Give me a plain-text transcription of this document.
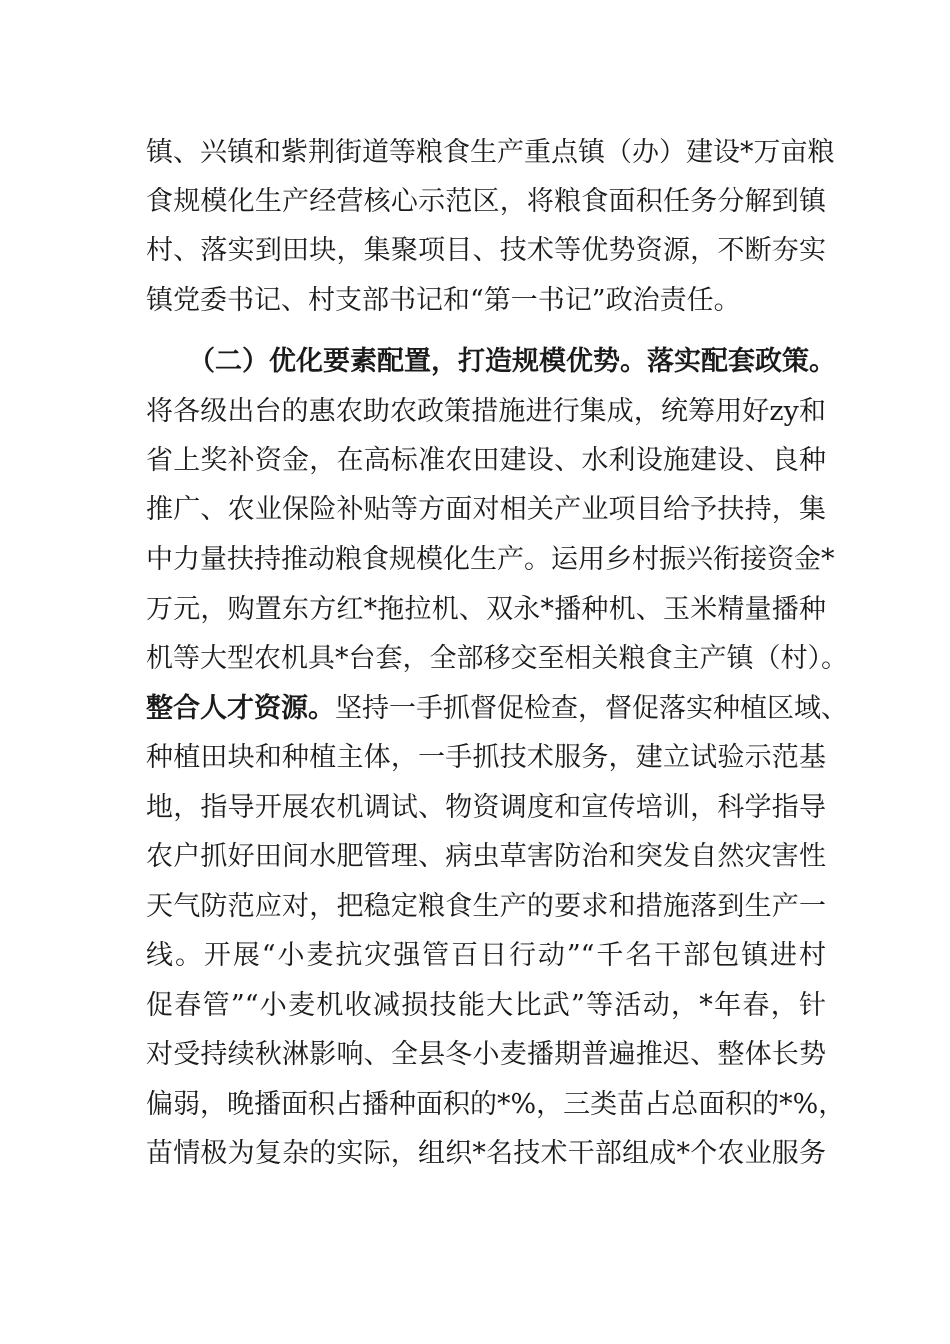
镇、兴镇和紫荆街道等粮食生产重点镇（办）建设*万亩粮
食规模化生产经营核心示范区，将粮食面积任务分解到镇
村、落实到田块，集聚项目、技术等优势资源，不断夯实
镇党委书记、村支部书记和“第一书记”政治责任。
（二）优化要素配置，打造规模优势。落实配套政策。
将各级出台的惠农助农政策措施进行集成，统筹用好zy和
省上奖补资金，在高标准农田建设、水利设施建设、良种
推广、农业保险补贴等方面对相关产业项目给予扶持，集
中力量扶持推动粮食规模化生产。运用乡村振兴衔接资金*
万元，购置东方红*拖拉机、双永*播种机、玉米精量播种
机等大型农机具*台套，全部移交至相关粮食主产镇（村）。
整合人才资源。坚持一手抓督促检查，督促落实种植区域、
种植田块和种植主体，一手抓技术服务，建立试验示范基
地，指导开展农机调试、物资调度和宣传培训，科学指导
农户抓好田间水肥管理、病虫草害防治和突发自然灾害性
天气防范应对，把稳定粮食生产的要求和措施落到生产一
线。开展“小麦抗灾强管百日行动”“千名干部包镇进村
促春管”“小麦机收减损技能大比武”等活动，*年春，针
对受持续秋淋影响、全县冬小麦播期普遍推迟、整体长势
偏弱，晚播面积占播种面积的*%，三类苗占总面积的*%，
苗情极为复杂的实际，组织*名技术干部组成*个农业服务
